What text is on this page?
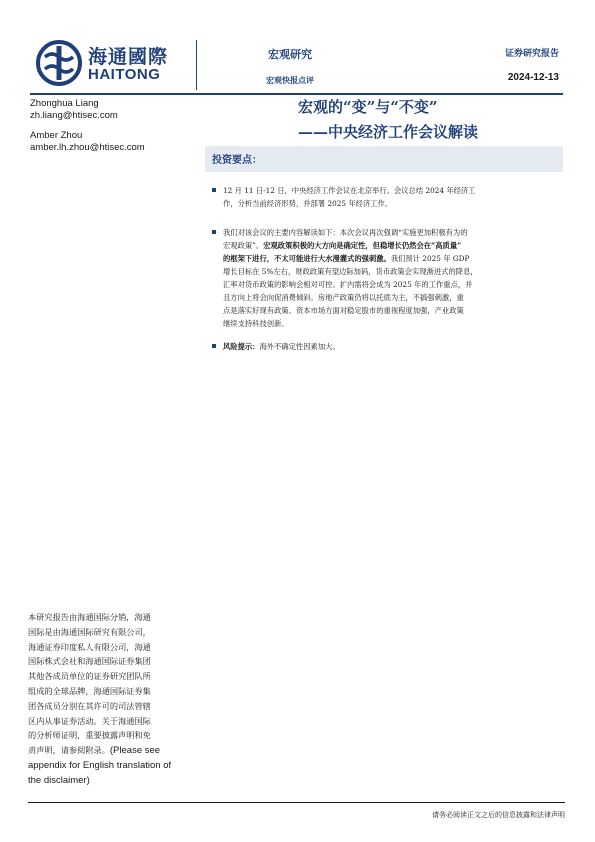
海通國際
HAITONG
宏观研究
宏观快报点评
证券研究报告
2024-12-13
Zhonghua Liang
zh.liang@htisec.com
Amber Zhou
amber.lh.zhou@htisec.com
宏观的“变”与“不变”
——中央经济工作会议解读
投资要点：
12 月 11 日-12 日，中央经济工作会议在北京举行。会议总结 2024 年经济工
作，分析当前经济形势，并部署 2025 年经济工作。
我们对该会议的主要内容解读如下：本次会议再次强调“实施更加积极有为的
宏观政策”。宏观政策积极的大方向是确定性，但稳增长仍然会在“高质量”
的框架下进行，不太可能进行大水漫灌式的强刺激。我们预计 2025 年 GDP
增长目标在 5%左右，财政政策有望边际加码，货币政策会实现渐进式的降息，
汇率对货币政策的影响会相对可控。扩内需将会成为 2025 年的工作重点，并
且方向上将会向促消费倾斜。房地产政策仍将以托底为主，不搞强刺激，重
点是落实好现有政策。资本市场方面对稳定股市的重视程度加强，产业政策
继续支持科技创新。
风险提示：海外不确定性因素加大。
本研究报告由海通国际分销，海通
国际是由海通国际研究有限公司，
海通证券印度私人有限公司，海通
国际株式会社和海通国际证券集团
其他各成员单位的证券研究团队所
组成的全球品牌，海通国际证券集
团各成员分别在其许可的司法管辖
区内从事证券活动。关于海通国际
的分析师证明，重要披露声明和免
责声明，请参阅附录。(Please see
appendix for English translation of
the disclaimer)
请务必阅读正文之后的信息披露和法律声明
